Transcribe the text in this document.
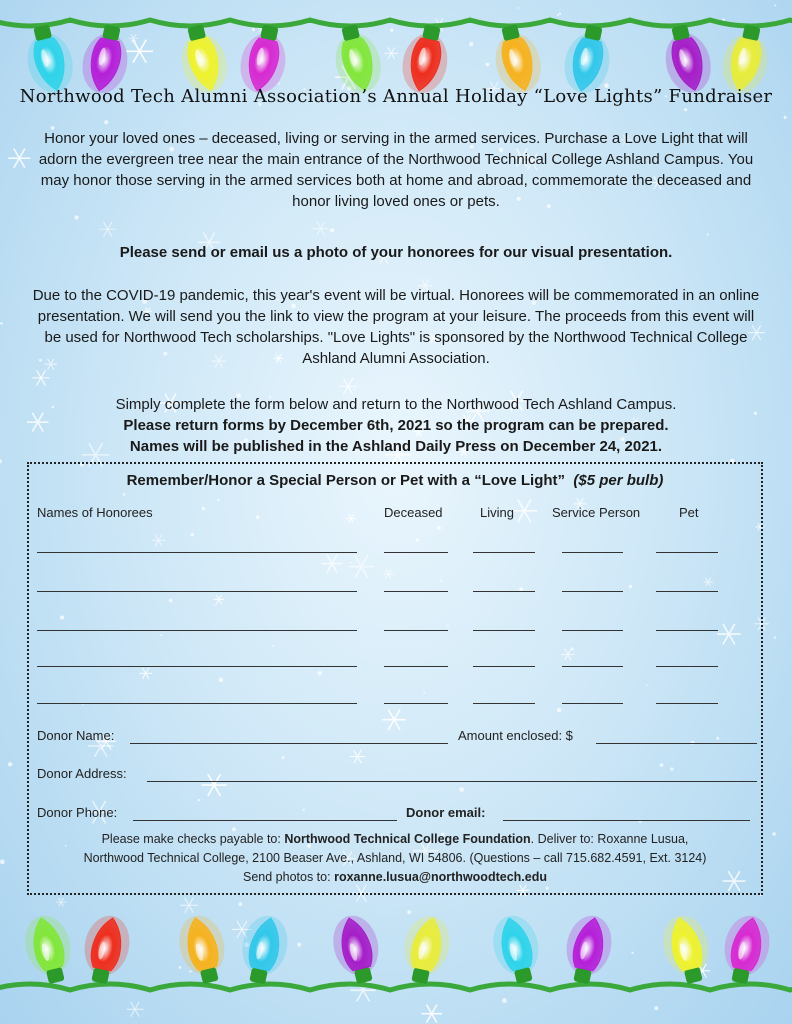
Northwood Tech Alumni Association’s Annual Holiday “Love Lights” Fundraiser
Honor your loved ones – deceased, living or serving in the armed services. Purchase a Love Light that will adorn the evergreen tree near the main entrance of the Northwood Technical College Ashland Campus. You may honor those serving in the armed services both at home and abroad, commemorate the deceased and honor living loved ones or pets.
Please send or email us a photo of your honorees for our visual presentation.
Due to the COVID-19 pandemic, this year's event will be virtual. Honorees will be commemorated in an online presentation. We will send you the link to view the program at your leisure. The proceeds from this event will be used for Northwood Tech scholarships. "Love Lights" is sponsored by the Northwood Technical College Ashland Alumni Association.
Simply complete the form below and return to the Northwood Tech Ashland Campus.
Please return forms by December 6th, 2021 so the program can be prepared.
Names will be published in the Ashland Daily Press on December 24, 2021.
Remember/Honor a Special Person or Pet with a “Love Light” ($5 per bulb)
Names of Honorees	Deceased	Living	Service Person	Pet
Donor Name:	Amount enclosed: $
Donor Address:
Donor Phone:	Donor email:
Please make checks payable to: Northwood Technical College Foundation. Deliver to: Roxanne Lusua,
Northwood Technical College, 2100 Beaser Ave., Ashland, WI 54806. (Questions – call 715.682.4591, Ext. 3124)
Send photos to: roxanne.lusua@northwoodtech.edu
